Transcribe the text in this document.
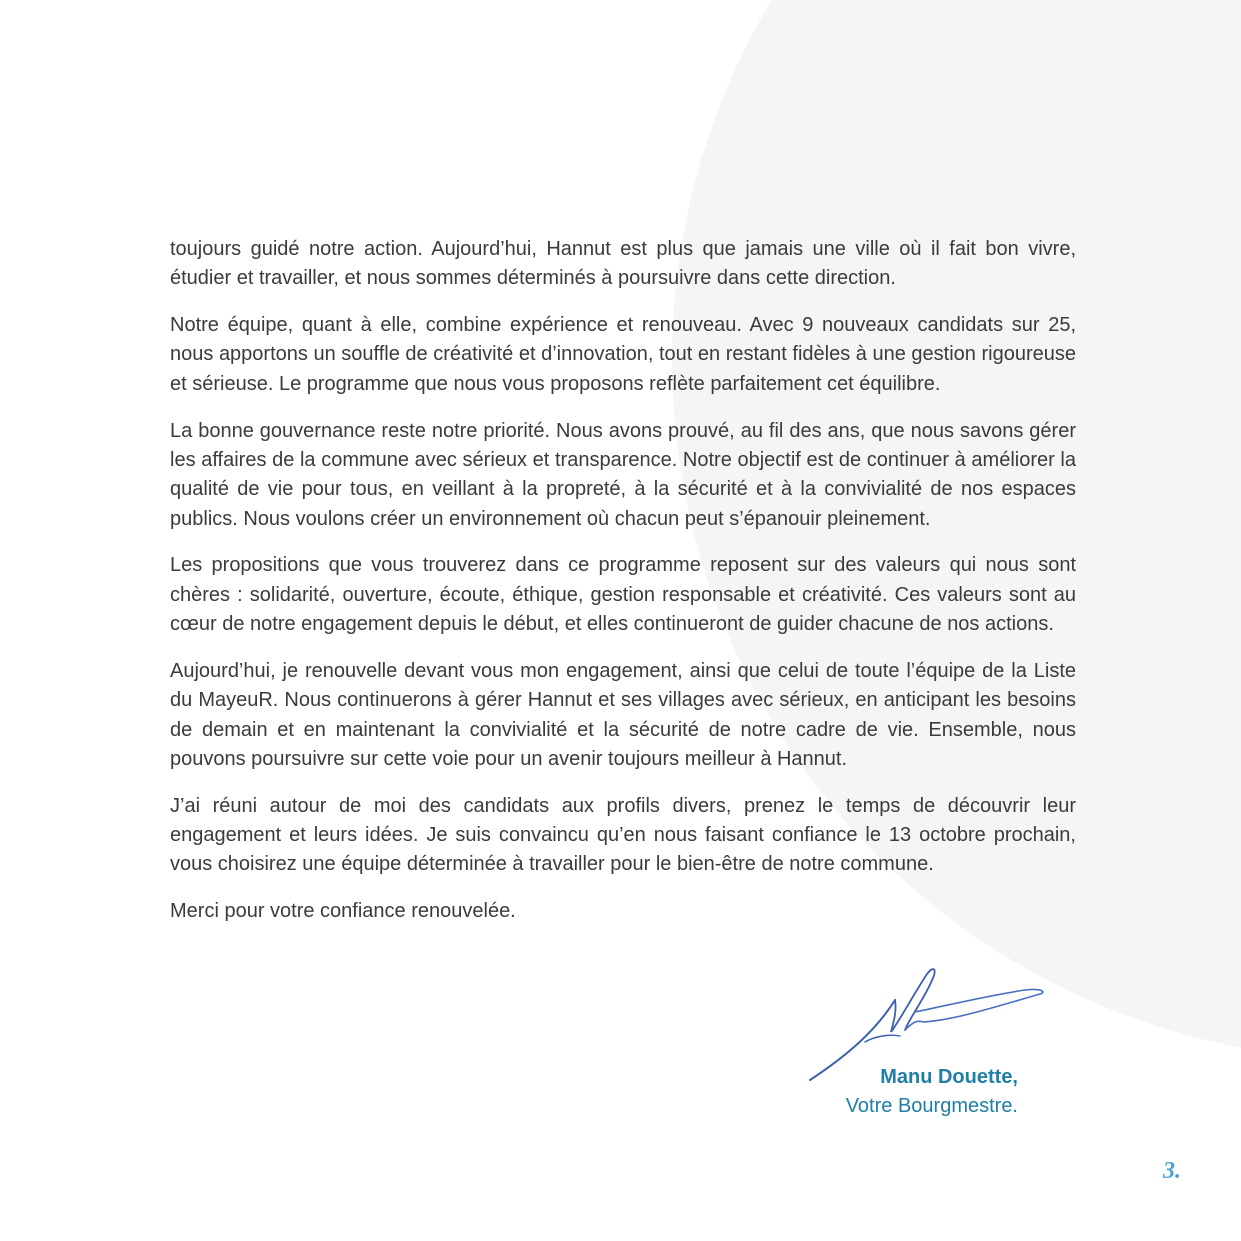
toujours guidé notre action. Aujourd’hui, Hannut est plus que jamais une ville où il fait bon vivre, étudier et travailler, et nous sommes déterminés à poursuivre dans cette direction.

Notre équipe, quant à elle, combine expérience et renouveau. Avec 9 nouveaux candidats sur 25, nous apportons un souffle de créativité et d’innovation, tout en restant fidèles à une gestion rigoureuse et sérieuse. Le programme que nous vous proposons reflète parfaitement cet équilibre.

La bonne gouvernance reste notre priorité. Nous avons prouvé, au fil des ans, que nous savons gérer les affaires de la commune avec sérieux et transparence. Notre objectif est de continuer à améliorer la qualité de vie pour tous, en veillant à la propreté, à la sécurité et à la convivialité de nos espaces publics. Nous voulons créer un environnement où chacun peut s’épanouir pleinement.

Les propositions que vous trouverez dans ce programme reposent sur des valeurs qui nous sont chères : solidarité, ouverture, écoute, éthique, gestion responsable et créativité. Ces valeurs sont au cœur de notre engagement depuis le début, et elles continueront de guider chacune de nos actions.

Aujourd’hui, je renouvelle devant vous mon engagement, ainsi que celui de toute l’équipe de la Liste du MayeuR. Nous continuerons à gérer Hannut et ses villages avec sérieux, en anticipant les besoins de demain et en maintenant la convivialité et la sécurité de notre cadre de vie. Ensemble, nous pouvons poursuivre sur cette voie pour un avenir toujours meilleur à Hannut.

J’ai réuni autour de moi des candidats aux profils divers, prenez le temps de découvrir leur engagement et leurs idées. Je suis convaincu qu’en nous faisant confiance le 13 octobre prochain, vous choisirez une équipe déterminée à travailler pour le bien-être de notre commune.

Merci pour votre confiance renouvelée.

Manu Douette,
Votre Bourgmestre.
3.
